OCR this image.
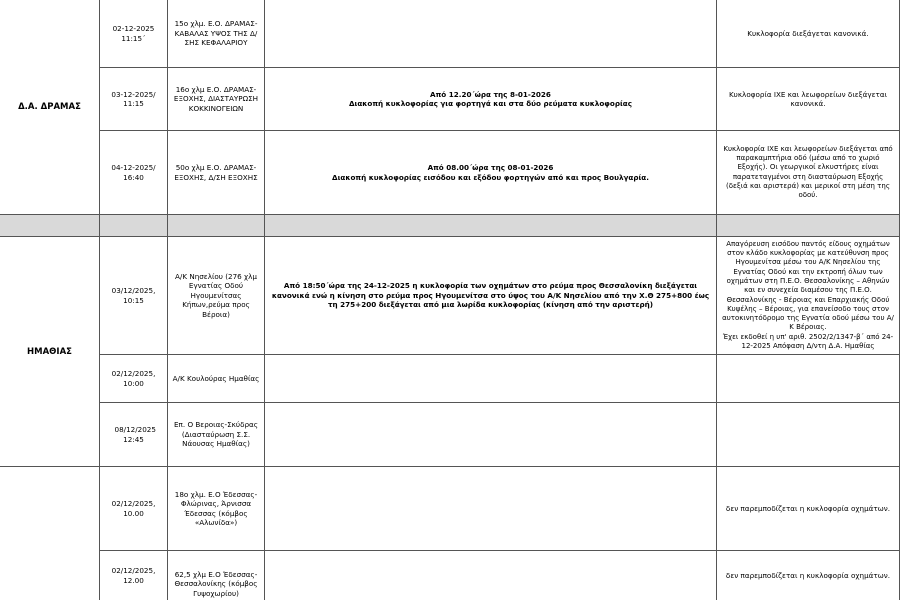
Δ.Α. ΔΡΑΜΑΣ
02-12-2025 11:15΄
15ο χλμ. Ε.Ο. ΔΡΑΜΑΣ-ΚΑΒΑΛΑΣ ΥΨΟΣ ΤΗΣ Δ/ΣΗΣ ΚΕΦΑΛΑΡΙΟΥ
Κυκλοφορία διεξάγεται κανονικά.
03-12-2025/ 11:15
16ο χλμ Ε.Ο. ΔΡΑΜΑΣ-ΕΞΟΧΗΣ, ΔΙΑΣΤΑΥΡΩΣΗ ΚΟΚΚΙΝΟΓΕΙΩΝ
Από 12.20΄ώρα της 8-01-2026
Διακοπή κυκλοφορίας για φορτηγά και στα δύο ρεύματα κυκλοφορίας
Κυκλοφορία ΙΧΕ και λεωφορείων διεξάγεται κανονικά.
04-12-2025/ 16:40
50ο χλμ Ε.Ο. ΔΡΑΜΑΣ-ΕΞΟΧΗΣ, Δ/ΣΗ ΕΞΟΧΗΣ
Από 08.00΄ώρα της 08-01-2026
Διακοπή κυκλοφορίας εισόδου και εξόδου φορτηγών από και προς Βουλγαρία.
Κυκλοφορία ΙΧΕ και λεωφορείων διεξάγεται από παρακαμπτήρια οδό (μέσω από το χωριό Εξοχής). Οι γεωργικοί ελκυστήρες είναι παρατεταγμένοι στη διασταύρωση Εξοχής (δεξιά και αριστερά) και μερικοί στη μέση της οδού.
ΗΜΑΘΙΑΣ
03/12/2025, 10:15
Α/Κ Νησελίου (276 χλμ Εγνατίας Οδού Ηγουμενίτσας Κήπων,ρεύμα προς Βέροια)
Από 18:50΄ώρα της 24-12-2025 η κυκλοφορία των οχημάτων στο ρεύμα προς Θεσσαλονίκη διεξάγεται κανονικά ενώ η κίνηση στο ρεύμα προς Ηγουμενίτσα στο ύψος του Α/Κ Νησελίου από την Χ.Θ 275+800 έως τη 275+200 διεξάγεται από μια λωρίδα κυκλοφορίας (κίνηση από την αριστερή)
Απαγόρευση εισόδου παντός είδους οχημάτων στον κλάδο κυκλοφορίας με κατεύθυνση προς Ηγουμενίτσα μέσω του Α/Κ Νησελίου της Εγνατίας Οδού και την εκτροπή όλων των οχημάτων στη Π.Ε.Ο. Θεσσαλονίκης – Αθηνών και εν συνεχεία διαμέσου της Π.Ε.Ο. Θεσσαλονίκης - Βέροιας και Επαρχιακής Οδού Κυψέλης – Βέροιας, για επανείσοδο τους στον αυτοκινητόδρομο της Εγνατία οδού μέσω του Α/Κ Βέροιας.
Έχει εκδοθεί η υπ' αριθ. 2502/2/1347-β΄ από 24-12-2025 Απόφαση Δ/ντη Δ.Α. Ημαθίας
02/12/2025, 10:00
Α/Κ Κουλούρας Ημαθίας
08/12/2025 12:45
Επ. Ο Βεροιας-Σκύδρας (Διασταύρωση Σ.Σ. Νάουσας Ημαθίας)
02/12/2025, 10.00
18ο χλμ. Ε.Ο Έδεσσας-Φλώρινας, Άρνισσα Έδεσσας (κόμβος «Αλωνίδα»)
δεν παρεμποδίζεται η κυκλοφορία οχημάτων.
02/12/2025, 12.00
62,5 χλμ Ε.Ο Έδεσσας-Θεσσαλονίκης (κόμβος Γυψοχωρίου)
δεν παρεμποδίζεται η κυκλοφορία οχημάτων.
